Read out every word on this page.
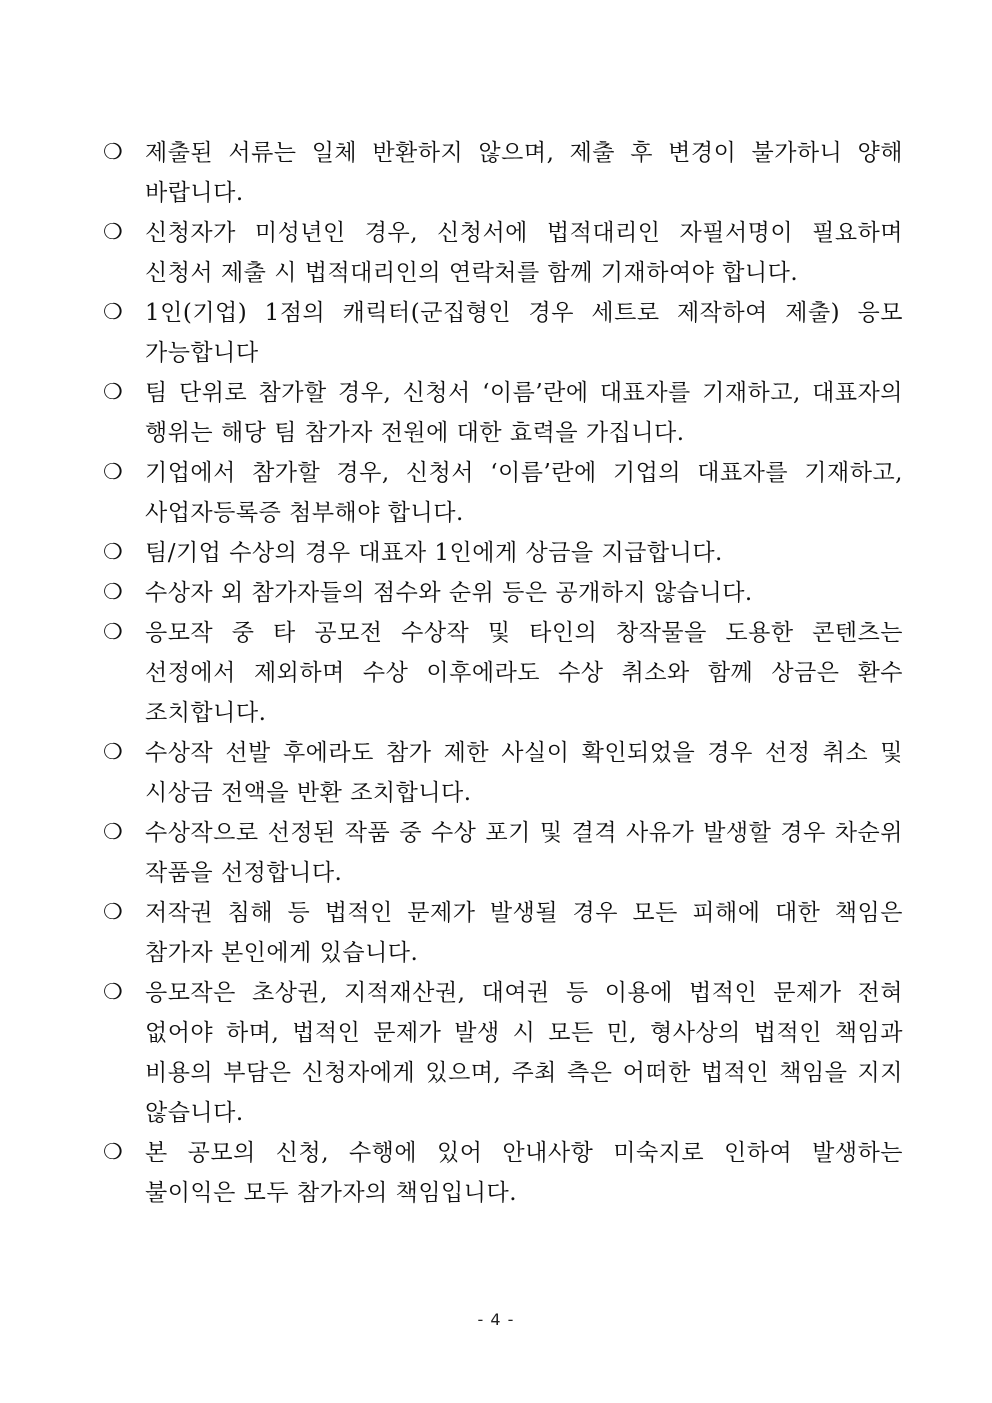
❍ 제출된 서류는 일체 반환하지 않으며, 제출 후 변경이 불가하니 양해 바랍니다.
❍ 신청자가 미성년인 경우, 신청서에 법적대리인 자필서명이 필요하며 신청서 제출 시 법적대리인의 연락처를 함께 기재하여야 합니다.
❍ 1인(기업) 1점의 캐릭터(군집형인 경우 세트로 제작하여 제출) 응모 가능합니다
❍ 팀 단위로 참가할 경우, 신청서 ‘이름’란에 대표자를 기재하고, 대표자의 행위는 해당 팀 참가자 전원에 대한 효력을 가집니다.
❍ 기업에서 참가할 경우, 신청서 ‘이름’란에 기업의 대표자를 기재하고, 사업자등록증 첨부해야 합니다.
❍ 팀/기업 수상의 경우 대표자 1인에게 상금을 지급합니다.
❍ 수상자 외 참가자들의 점수와 순위 등은 공개하지 않습니다.
❍ 응모작 중 타 공모전 수상작 및 타인의 창작물을 도용한 콘텐츠는 선정에서 제외하며 수상 이후에라도 수상 취소와 함께 상금은 환수 조치합니다.
❍ 수상작 선발 후에라도 참가 제한 사실이 확인되었을 경우 선정 취소 및 시상금 전액을 반환 조치합니다.
❍ 수상작으로 선정된 작품 중 수상 포기 및 결격 사유가 발생할 경우 차순위 작품을 선정합니다.
❍ 저작권 침해 등 법적인 문제가 발생될 경우 모든 피해에 대한 책임은 참가자 본인에게 있습니다.
❍ 응모작은 초상권, 지적재산권, 대여권 등 이용에 법적인 문제가 전혀 없어야 하며, 법적인 문제가 발생 시 모든 민, 형사상의 법적인 책임과 비용의 부담은 신청자에게 있으며, 주최 측은 어떠한 법적인 책임을 지지 않습니다.
❍ 본 공모의 신청, 수행에 있어 안내사항 미숙지로 인하여 발생하는 불이익은 모두 참가자의 책임입니다.
- 4 -
